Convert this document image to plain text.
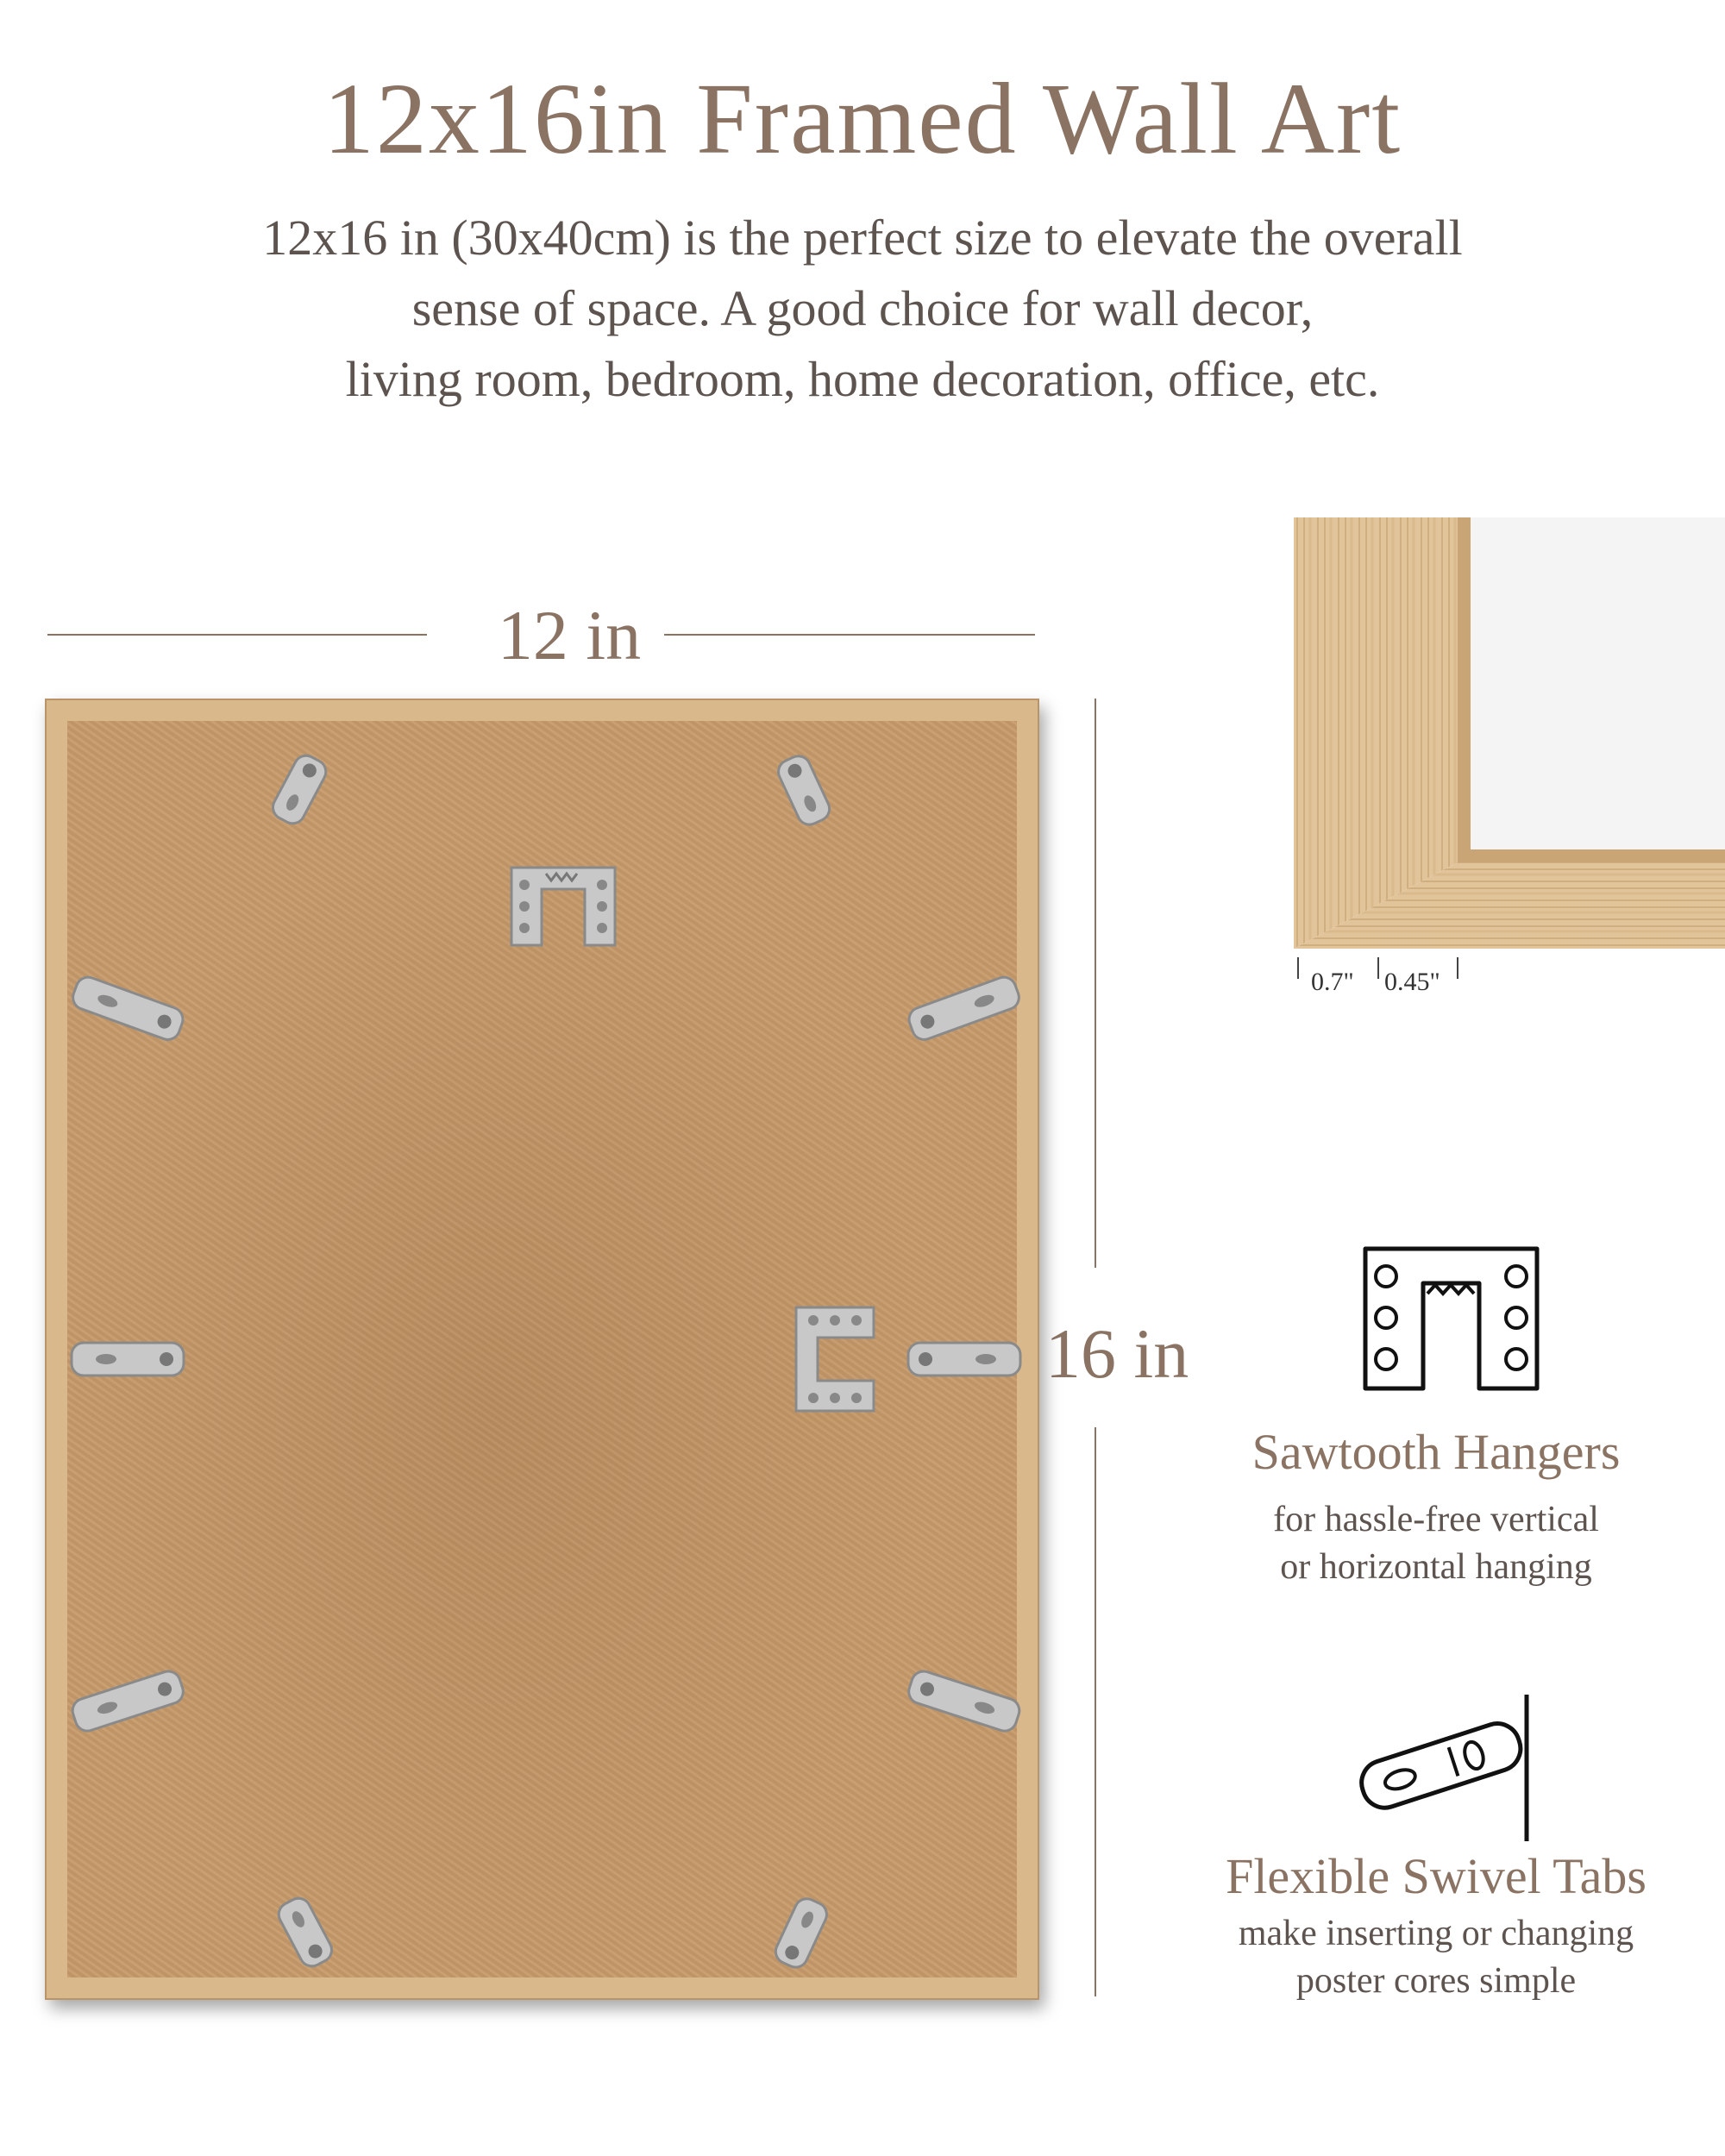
12x16in Framed Wall Art
12x16 in (30x40cm) is the perfect size to elevate the overall
sense of space. A good choice for wall decor,
living room, bedroom, home decoration, office, etc.
12 in
16 in
0.7" 0.45"
Sawtooth Hangers
for hassle-free vertical
or horizontal hanging
Flexible Swivel Tabs
make inserting or changing
poster cores simple
